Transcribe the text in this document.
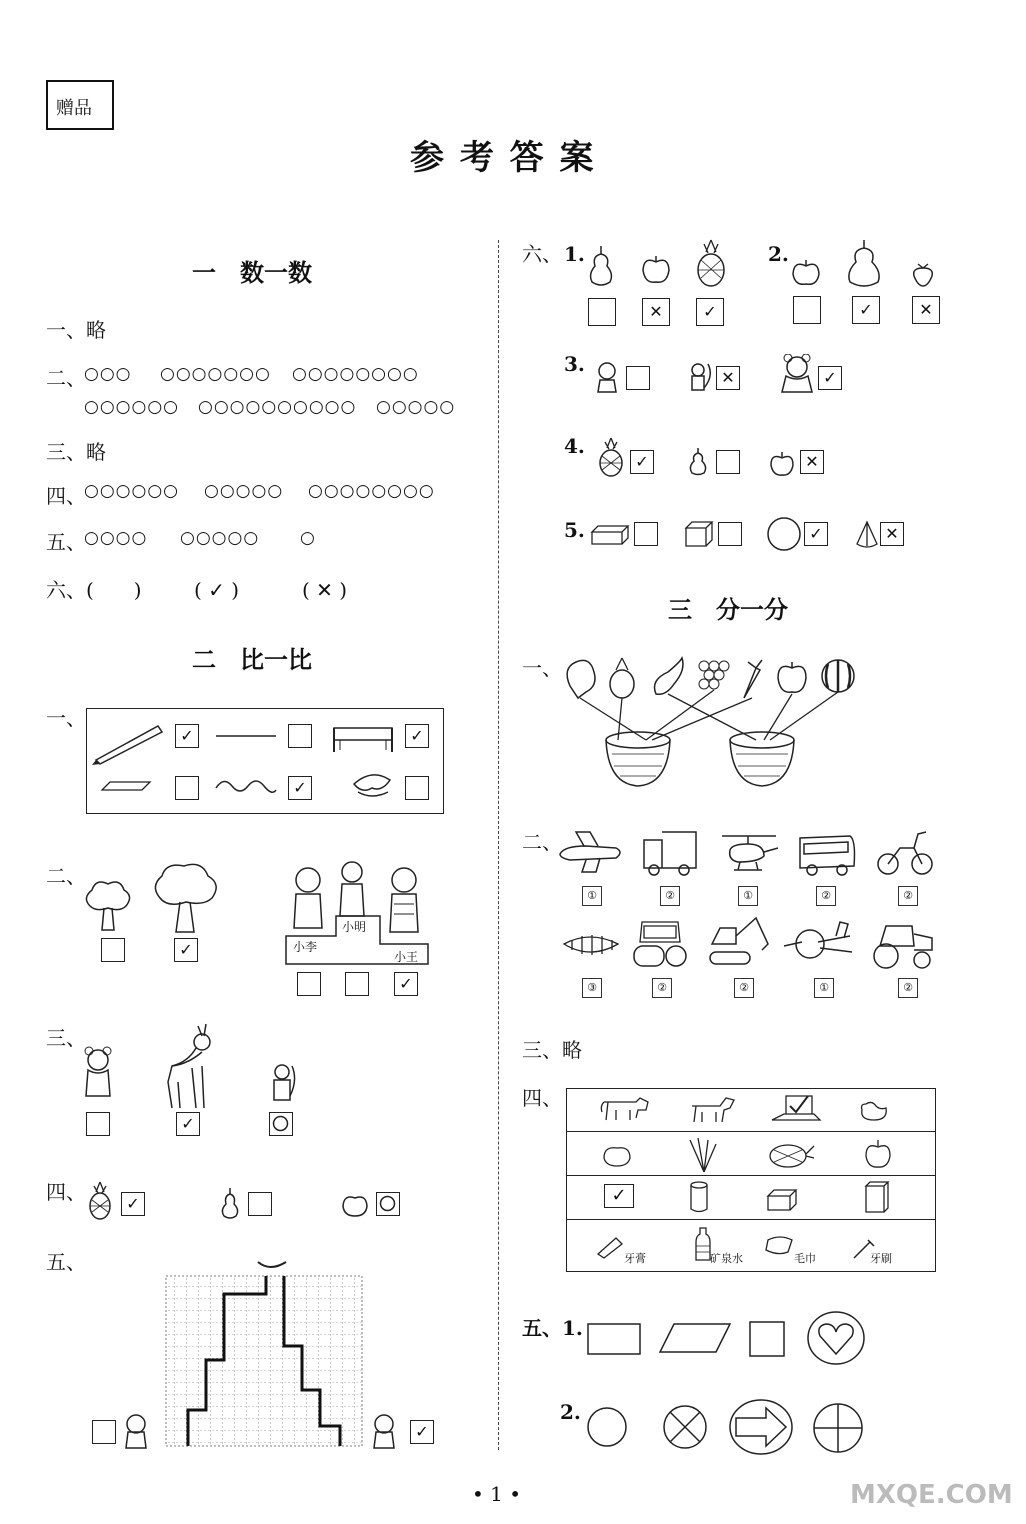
赠品
参 考 答 案
一　数一数
一、 略
二、
○○○ ○○○○○○○ ○○○○○○○○
○○○○○○ ○○○○○○○○○○ ○○○○○
三、 略
四、
○○○○○○ ○○○○○ ○○○○○○○○
五、
○○○○ ○○○○○ ○
六、 (　　)	( ✓ )	( ✕ )
二　比一比
一、
✓	✓
✓
二、
✓	小李
小明
小王
✓
三、
✓
四、	✓
五、
✓
六、 1.
✕	✓
2.
✓	✕
3.
✕	✓
4.
✓	✕
5.	✓	✕
三　分一分
一、
二、
①	②	①	②	②
③	②	②	①	②
三、 略
四、
✓
牙膏	矿泉水	毛巾	牙刷
五、1.
2.
• 1 •	MXQE.COM
